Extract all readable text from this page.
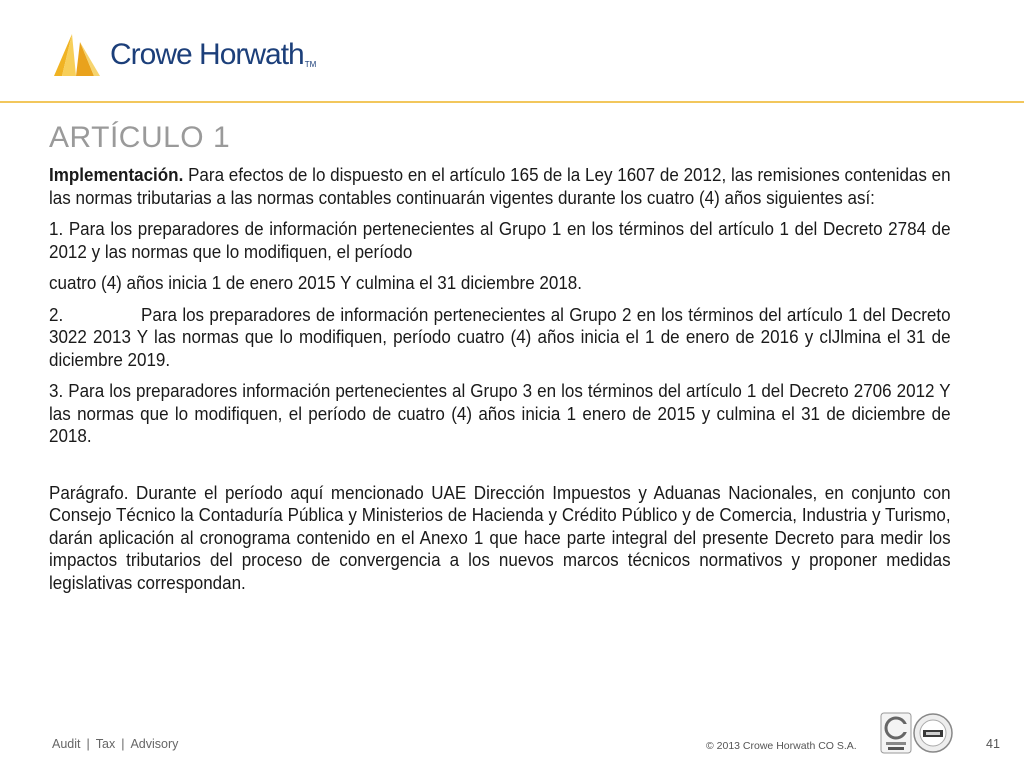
Crowe Horwath™
ARTÍCULO 1

Implementación. Para efectos de lo dispuesto en el artículo 165 de la Ley 1607 de 2012, las remisiones contenidas en las normas tributarias a las normas contables continuarán vigentes durante los cuatro (4) años siguientes así:

1. Para los preparadores de información pertenecientes al Grupo 1 en los términos del artículo 1 del Decreto 2784 de 2012 y las normas que lo modifiquen, el período

cuatro (4) años inicia 1 de enero 2015 Y culmina el 31 diciembre 2018.

2.	Para los preparadores de información pertenecientes al Grupo 2 en los términos del artículo 1 del Decreto 3022 2013 Y las normas que lo modifiquen, período cuatro (4) años inicia el 1 de enero de 2016 y clJlmina el 31 de diciembre 2019.

3. Para los preparadores información pertenecientes al Grupo 3 en los términos del artículo 1 del Decreto 2706 2012 Y las normas que lo modifiquen, el período de cuatro (4) años inicia 1 enero de 2015 y culmina el 31 de diciembre de 2018.

Parágrafo. Durante el período aquí mencionado UAE Dirección Impuestos y Aduanas Nacionales, en conjunto con Consejo Técnico la Contaduría Pública y Ministerios de Hacienda y Crédito Público y de Comercia, Industria y Turismo, darán aplicación al cronograma contenido en el Anexo 1 que hace parte integral del presente Decreto para medir los impactos tributarios del proceso de convergencia a los nuevos marcos técnicos normativos y proponer medidas legislativas correspondan.

Audit | Tax | Advisory	© 2013 Crowe Horwath CO S.A.	41
